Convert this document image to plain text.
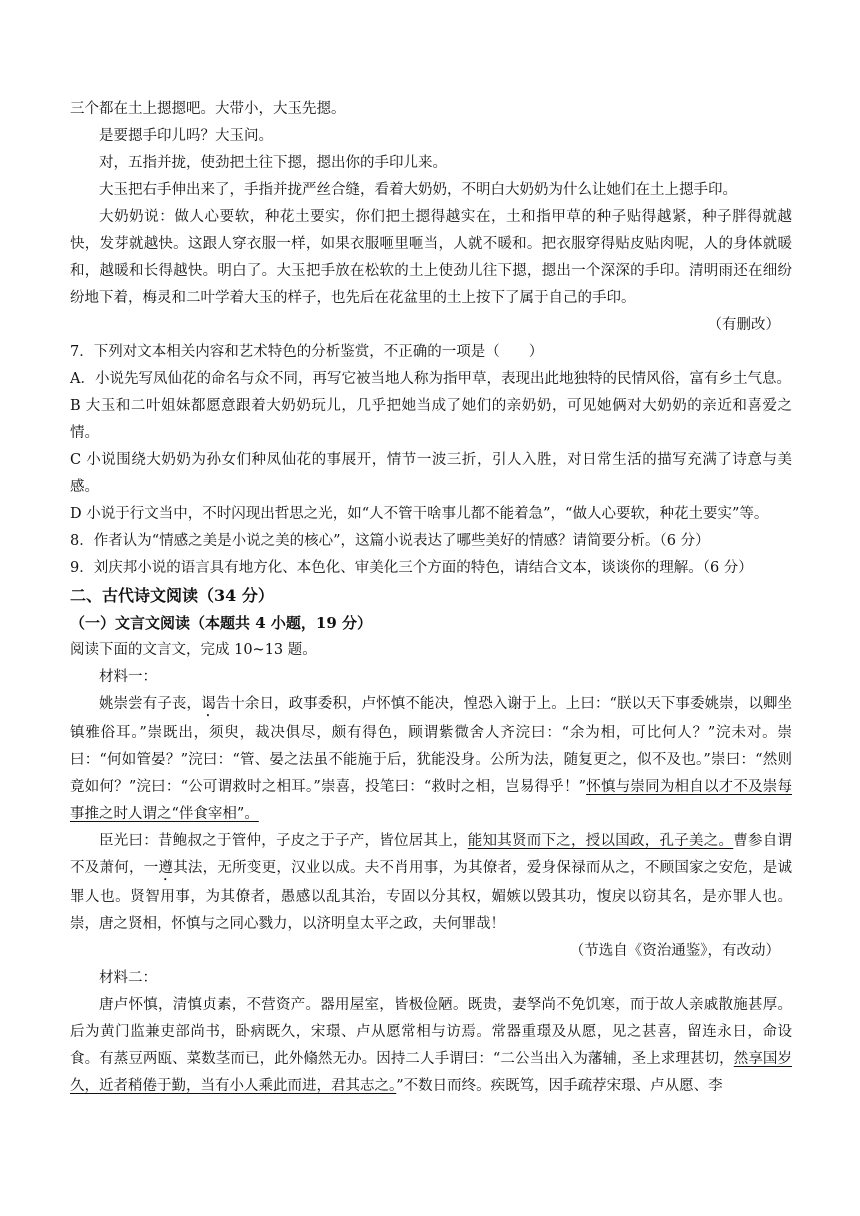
三个都在土上摁摁吧。大带小，大玉先摁。

是要摁手印儿吗？大玉问。

对，五指并拢，使劲把土往下摁，摁出你的手印儿来。

大玉把右手伸出来了，手指并拢严丝合缝，看着大奶奶，不明白大奶奶为什么让她们在土上摁手印。

大奶奶说：做人心要软，种花土要实，你们把土摁得越实在，土和指甲草的种子贴得越紧，种子胖得就越快，发芽就越快。这跟人穿衣服一样，如果衣服咂里咂当，人就不暖和。把衣服穿得贴皮贴肉呢，人的身体就暖和，越暖和长得越快。明白了。大玉把手放在松软的土上使劲儿往下摁，摁出一个深深的手印。清明雨还在细纷纷地下着，梅灵和二叶学着大玉的样子，也先后在花盆里的土上按下了属于自己的手印。

（有删改）

7．下列对文本相关内容和艺术特色的分析鉴赏，不正确的一项是（　　）

A．小说先写凤仙花的命名与众不同，再写它被当地人称为指甲草，表现出此地独特的民情风俗，富有乡土气息。

B 大玉和二叶姐妹都愿意跟着大奶奶玩儿，几乎把她当成了她们的亲奶奶，可见她俩对大奶奶的亲近和喜爱之情。

C 小说围绕大奶奶为孙女们种凤仙花的事展开，情节一波三折，引人入胜，对日常生活的描写充满了诗意与美感。

D 小说于行文当中，不时闪现出哲思之光，如“人不管干啥事儿都不能着急”，“做人心要软，种花土要实”等。

8．作者认为“情感之美是小说之美的核心”，这篇小说表达了哪些美好的情感？请简要分析。（6 分）

9．刘庆邦小说的语言具有地方化、本色化、审美化三个方面的特色，请结合文本，谈谈你的理解。（6 分）

二、古代诗文阅读（34 分）
（一）文言文阅读（本题共 4 小题，19 分）

阅读下面的文言文，完成 10~13 题。

材料一：

姚崇尝有子丧，谒告十余日，政事委积，卢怀慎不能决，惶恐入谢于上。上曰：“朕以天下事委姚崇，以卿坐镇雅俗耳。”崇既出，须臾，裁决俱尽，颇有得色，顾谓紫微舍人齐浣曰：“余为相，可比何人？”浣未对。崇曰：“何如管晏？”浣曰：“管、晏之法虽不能施于后，犹能没身。公所为法，随复更之，似不及也。”崇曰：“然则竟如何？”浣曰：“公可谓救时之相耳。”崇喜，投笔曰：“救时之相，岂易得乎！”怀慎与崇同为相自以才不及崇每事推之时人谓之“伴食宰相”。

臣光曰：昔鲍叔之于管仲，子皮之于子产，皆位居其上，能知其贤而下之，授以国政，孔子美之。曹参自谓不及萧何，一遵其法，无所变更，汉业以成。夫不肖用事，为其僚者，爱身保禄而从之，不顾国家之安危，是诚罪人也。贤智用事，为其僚者，愚感以乱其治，专固以分其权，媚嫉以毁其功，愎戾以窃其名，是亦罪人也。崇，唐之贤相，怀慎与之同心戮力，以济明皇太平之政，夫何罪哉！

（节选自《资治通鉴》，有改动）

材料二：

唐卢怀慎，清慎贞素，不营资产。器用屋室，皆极俭陋。既贵，妻孥尚不免饥寒，而于故人亲戚散施甚厚。后为黄门监兼吏部尚书，卧病既久，宋璟、卢从愿常相与访焉。常器重璟及从愿，见之甚喜，留连永日，命设食。有蒸豆两瓯、菜数茎而已，此外翛然无办。因持二人手谓曰：“二公当出入为藩辅，圣上求理甚切，然享国岁久，近者稍倦于勤，当有小人乘此而进，君其志之。”不数日而终。疾既笃，因手疏荐宋璟、卢从愿、李
